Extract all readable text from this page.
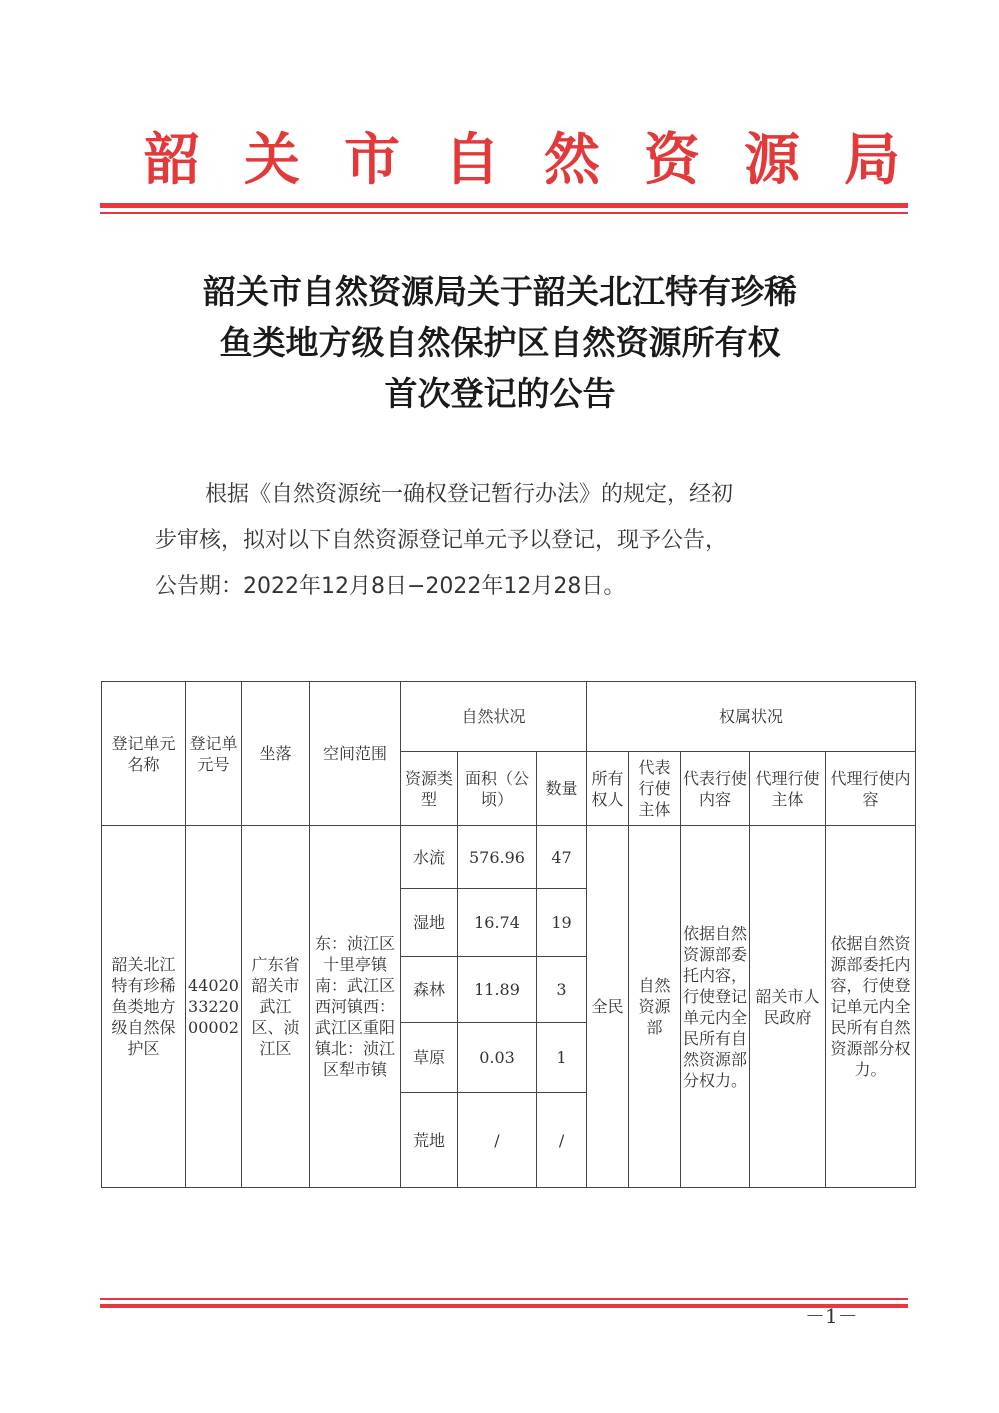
韶关市自然资源局
韶关市自然资源局关于韶关北江特有珍稀
鱼类地方级自然保护区自然资源所有权
首次登记的公告
根据《自然资源统一确权登记暂行办法》的规定，经初
步审核，拟对以下自然资源登记单元予以登记，现予公告，
公告期：2022年12月8日−2022年12月28日。
登记单元名称	登记单元号	坐落	空间范围	自然状况			权属状况				

				资源类型	面积（公顷）	数量	所有权人	代表行使主体	代表行使内容	代理行使主体	代理行使内容

韶关北江特有珍稀鱼类地方级自然保护区	440203322000002	广东省韶关市武江区、浈江区	东：浈江区十里亭镇南：武江区西河镇西：武江区重阳镇北：浈江区犁市镇	水流	576.96	47	全民	自然资源部	依据自然资源部委托内容，行使登记单元内全民所有自然资源部分权力。	韶关市人民政府	依据自然资源部委托内容，行使登记单元内全民所有自然资源部分权力。

				湿地	16.74	19					

				森林	11.89	3					

				草原	0.03	1					

				荒地	/	/					
－1－
